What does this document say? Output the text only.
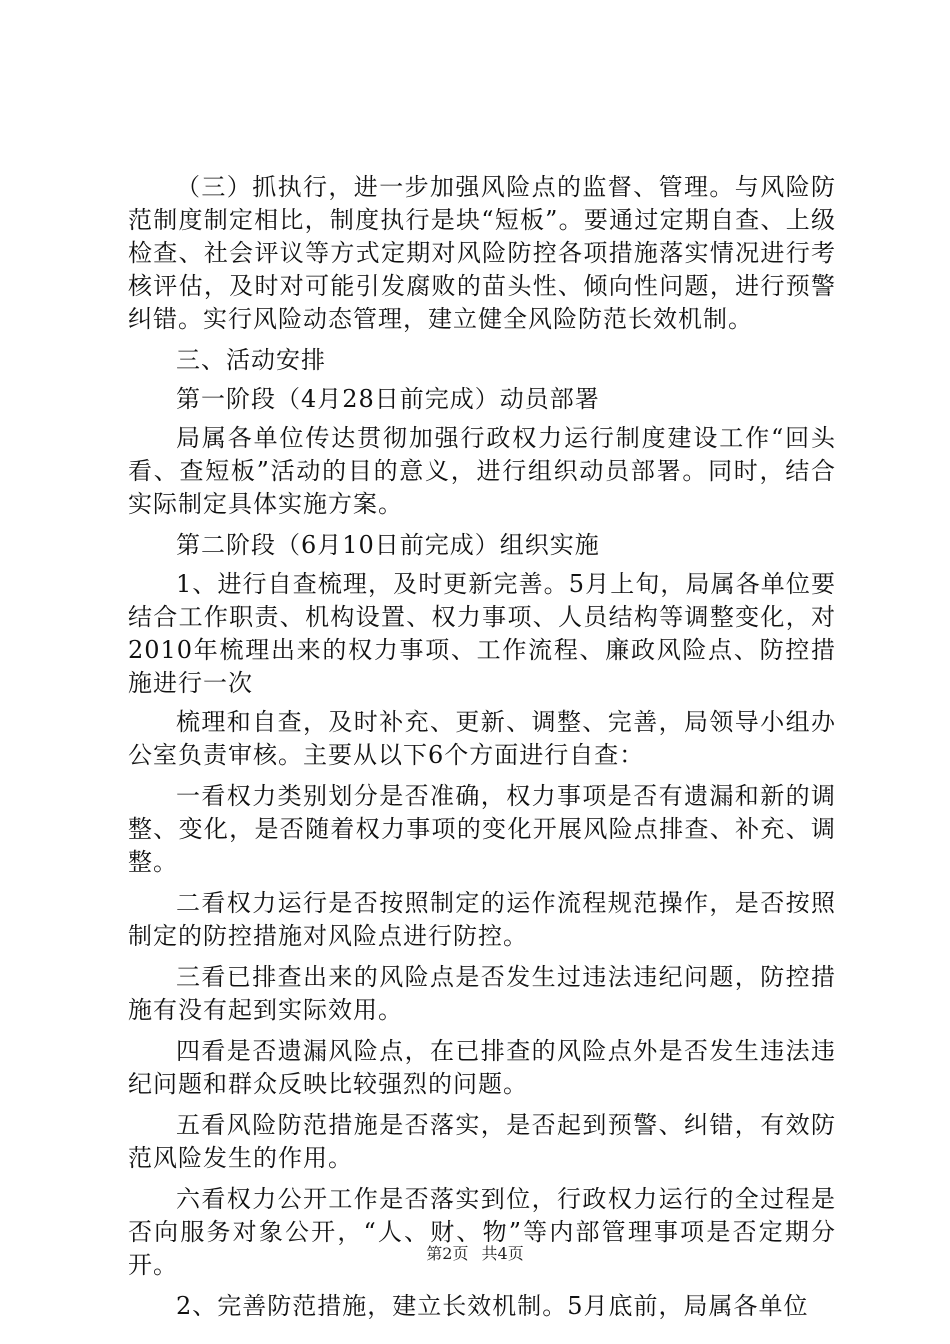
（三）抓执行，进一步加强风险点的监督、管理。与风险防范制度制定相比，制度执行是块“短板”。要通过定期自查、上级检查、社会评议等方式定期对风险防控各项措施落实情况进行考核评估，及时对可能引发腐败的苗头性、倾向性问题，进行预警纠错。实行风险动态管理，建立健全风险防范长效机制。

三、活动安排

第一阶段（4月28日前完成）动员部署

局属各单位传达贯彻加强行政权力运行制度建设工作“回头看、查短板”活动的目的意义，进行组织动员部署。同时，结合实际制定具体实施方案。

第二阶段（6月10日前完成）组织实施

1、进行自查梳理，及时更新完善。5月上旬，局属各单位要结合工作职责、机构设置、权力事项、人员结构等调整变化，对2010年梳理出来的权力事项、工作流程、廉政风险点、防控措施进行一次

梳理和自查，及时补充、更新、调整、完善，局领导小组办公室负责审核。主要从以下6个方面进行自查：

一看权力类别划分是否准确，权力事项是否有遗漏和新的调整、变化，是否随着权力事项的变化开展风险点排查、补充、调整。

二看权力运行是否按照制定的运作流程规范操作，是否按照制定的防控措施对风险点进行防控。

三看已排查出来的风险点是否发生过违法违纪问题，防控措施有没有起到实际效用。

四看是否遗漏风险点，在已排查的风险点外是否发生违法违纪问题和群众反映比较强烈的问题。

五看风险防范措施是否落实，是否起到预警、纠错，有效防范风险发生的作用。

六看权力公开工作是否落实到位，行政权力运行的全过程是否向服务对象公开，“人、财、物”等内部管理事项是否定期分开。

2、完善防范措施，建立长效机制。5月底前，局属各单位

第2页 共4页
